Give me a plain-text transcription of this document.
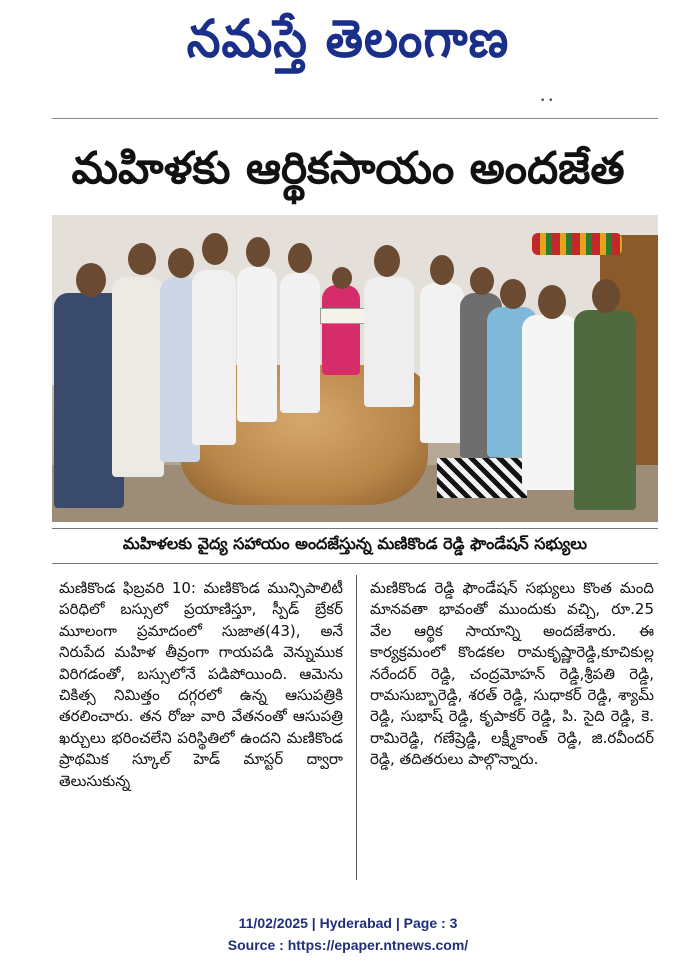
నమస్తే తెలంగాణ
• •
మహిళకు ఆర్థికసాయం అందజేత
మహిళలకు వైద్య సహాయం అందజేస్తున్న మణికొండ రెడ్డి ఫౌండేషన్ సభ్యులు

మణికొండ ఫిబ్రవరి 10: మణికొండ మున్సిపాలిటీ పరిధిలో బస్సులో ప్రయాణిస్తూ, స్పీడ్ బ్రేకర్ మూలంగా ప్రమాదంలో సుజాత(43), అనే నిరుపేద మహిళ తీవ్రంగా గాయపడి వెన్నుముక విరిగడంతో, బస్సులోనే పడిపోయింది. ఆమెను చికిత్స నిమిత్తం దగ్గరలో ఉన్న ఆసుపత్రికి తరలించారు. తన రోజు వారి వేతనంతో ఆసుపత్రి ఖర్చులు భరించలేని పరిస్థితిలో ఉందని మణికొండ ప్రాథమిక స్కూల్ హెడ్ మాస్టర్ ద్వారా తెలుసుకున్న

మణికొండ రెడ్డి ఫౌండేషన్ సభ్యులు కొంత మంది మానవతా భావంతో ముందుకు వచ్చి, రూ.25 వేల ఆర్థిక సాయాన్ని అందజేశారు. ఈ కార్యక్రమంలో కొండకల రామకృష్ణారెడ్డి,కూచికుల్ల నరేందర్ రెడ్డి, చంద్రమోహన్ రెడ్డి,శ్రీపతి రెడ్డి, రామసుబ్బారెడ్డి, శరత్ రెడ్డి, సుధాకర్ రెడ్డి, శ్యామ్ రెడ్డి, సుభాష్ రెడ్డి, కృపాకర్ రెడ్డి, పి. సైది రెడ్డి, కె. రామిరెడ్డి, గణేష్రెడ్డి, లక్ష్మీకాంత్ రెడ్డి, జి.రవీందర్ రెడ్డి, తదితరులు పాల్గొన్నారు.

11/02/2025 | Hyderabad | Page : 3
Source : https://epaper.ntnews.com/
